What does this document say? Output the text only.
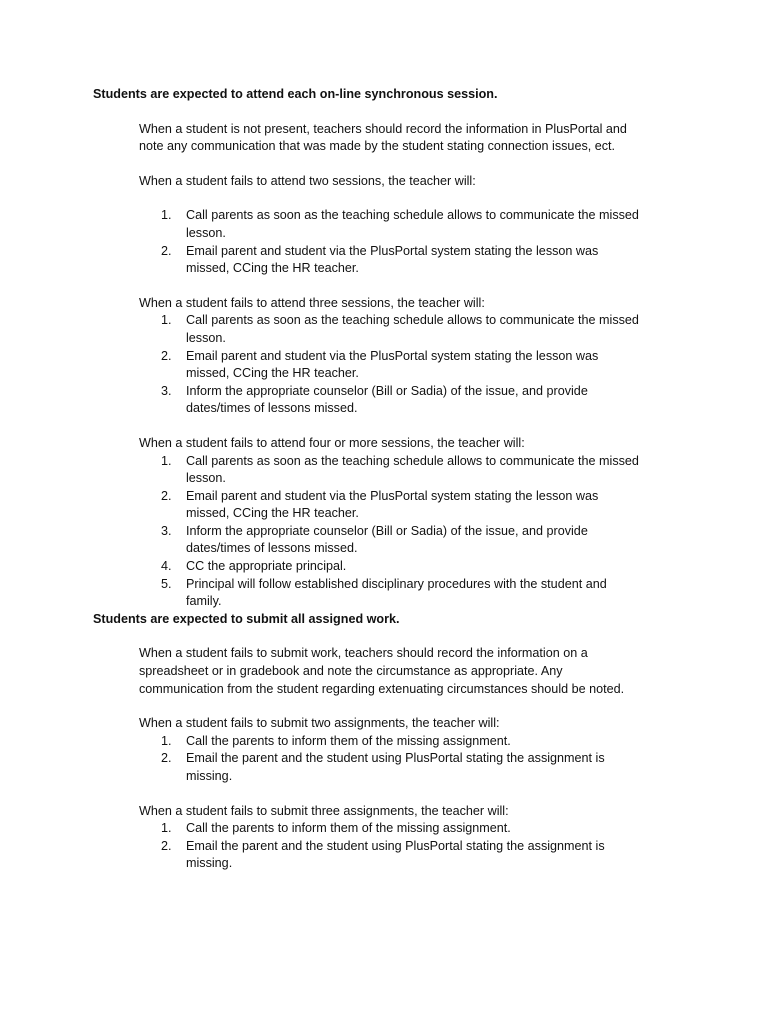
Students are expected to attend each on-line synchronous session.

When a student is not present, teachers should record the information in PlusPortal and note any communication that was made by the student stating connection issues, ect.

When a student fails to attend two sessions, the teacher will:

1. Call parents as soon as the teaching schedule allows to communicate the missed lesson.
2. Email parent and student via the PlusPortal system stating the lesson was missed, CCing the HR teacher.

When a student fails to attend three sessions, the teacher will:

1. Call parents as soon as the teaching schedule allows to communicate the missed lesson.
2. Email parent and student via the PlusPortal system stating the lesson was missed, CCing the HR teacher.
3. Inform the appropriate counselor (Bill or Sadia) of the issue, and provide dates/times of lessons missed.

When a student fails to attend four or more sessions, the teacher will:

1. Call parents as soon as the teaching schedule allows to communicate the missed lesson.
2. Email parent and student via the PlusPortal system stating the lesson was missed, CCing the HR teacher.
3. Inform the appropriate counselor (Bill or Sadia) of the issue, and provide dates/times of lessons missed.
4. CC the appropriate principal.
5. Principal will follow established disciplinary procedures with the student and family.
Students are expected to submit all assigned work.

When a student fails to submit work, teachers should record the information on a spreadsheet or in gradebook and note the circumstance as appropriate. Any communication from the student regarding extenuating circumstances should be noted.

When a student fails to submit two assignments, the teacher will:

1. Call the parents to inform them of the missing assignment.
2. Email the parent and the student using PlusPortal stating the assignment is missing.

When a student fails to submit three assignments, the teacher will:

1. Call the parents to inform them of the missing assignment.
2. Email the parent and the student using PlusPortal stating the assignment is missing.
